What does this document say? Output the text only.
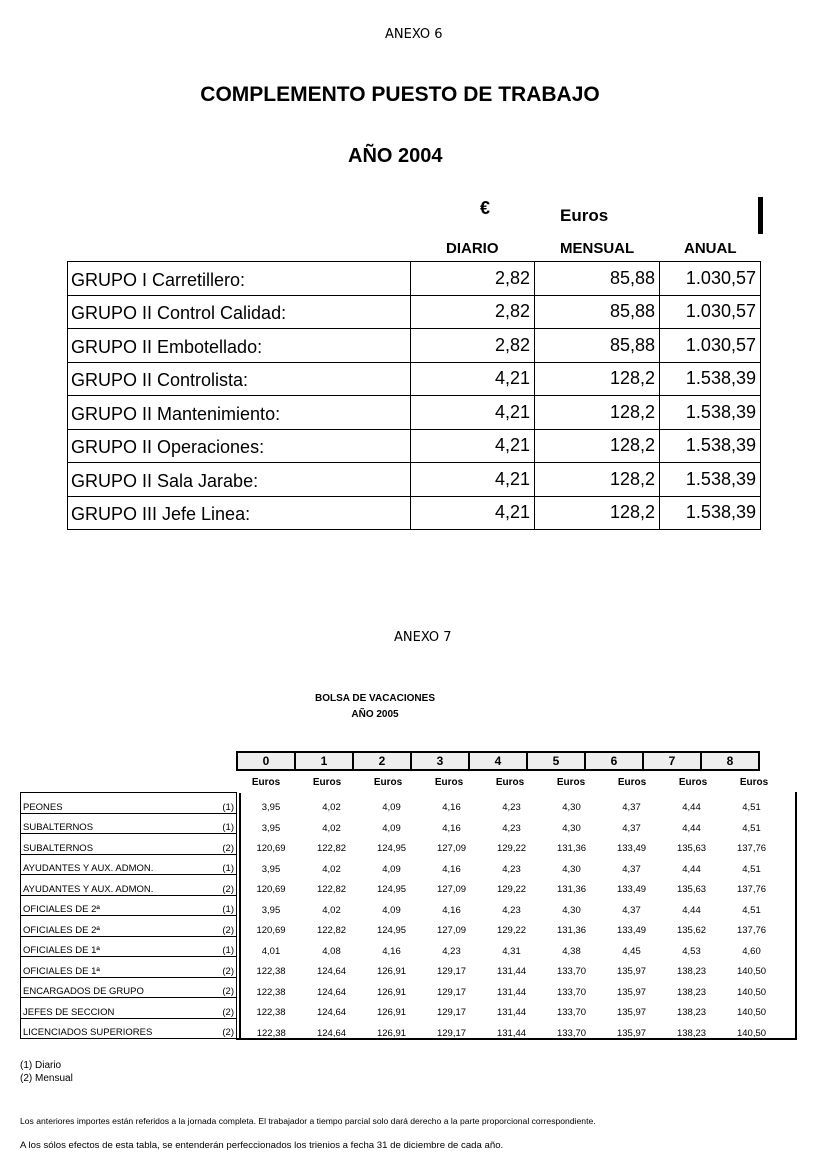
ANEXO 6
COMPLEMENTO PUESTO DE TRABAJO
AÑO 2004
€	Euros
DIARIO	MENSUAL	ANUAL
GRUPO I Carretillero:	2,82	85,88	1.030,57
GRUPO II Control Calidad:	2,82	85,88	1.030,57
GRUPO II Embotellado:	2,82	85,88	1.030,57
GRUPO II Controlista:	4,21	128,2	1.538,39
GRUPO II Mantenimiento:	4,21	128,2	1.538,39
GRUPO II Operaciones:	4,21	128,2	1.538,39
GRUPO II Sala Jarabe:	4,21	128,2	1.538,39
GRUPO III Jefe Linea:	4,21	128,2	1.538,39
ANEXO 7
BOLSA DE VACACIONES
AÑO 2005
0	1	2	3	4	5	6	7	8
Euros	Euros	Euros	Euros	Euros	Euros	Euros	Euros	Euros
PEONES	(1)		3,95	4,02	4,09	4,16	4,23	4,30	4,37	4,44	4,51
SUBALTERNOS	(1)		3,95	4,02	4,09	4,16	4,23	4,30	4,37	4,44	4,51
SUBALTERNOS	(2)		120,69	122,82	124,95	127,09	129,22	131,36	133,49	135,63	137,76
AYUDANTES Y AUX. ADMON.	(1)		3,95	4,02	4,09	4,16	4,23	4,30	4,37	4,44	4,51
AYUDANTES Y AUX. ADMON.	(2)		120,69	122,82	124,95	127,09	129,22	131,36	133,49	135,63	137,76
OFICIALES DE 2ª	(1)		3,95	4,02	4,09	4,16	4,23	4,30	4,37	4,44	4,51
OFICIALES DE 2ª	(2)		120,69	122,82	124,95	127,09	129,22	131,36	133,49	135,62	137,76
OFICIALES DE 1ª	(1)		4,01	4,08	4,16	4,23	4,31	4,38	4,45	4,53	4,60
OFICIALES DE 1ª	(2)		122,38	124,64	126,91	129,17	131,44	133,70	135,97	138,23	140,50
ENCARGADOS DE GRUPO	(2)		122,38	124,64	126,91	129,17	131,44	133,70	135,97	138,23	140,50
JEFES DE SECCION	(2)		122,38	124,64	126,91	129,17	131,44	133,70	135,97	138,23	140,50
LICENCIADOS SUPERIORES	(2)		122,38	124,64	126,91	129,17	131,44	133,70	135,97	138,23	140,50
(1) Diario
(2) Mensual
Los anteriores importes están referidos a la jornada completa. El trabajador a tiempo parcial solo dará derecho a la parte proporcional correspondiente.
A los sólos efectos de esta tabla, se entenderán perfeccionados los trienios a fecha 31 de diciembre de cada año.
